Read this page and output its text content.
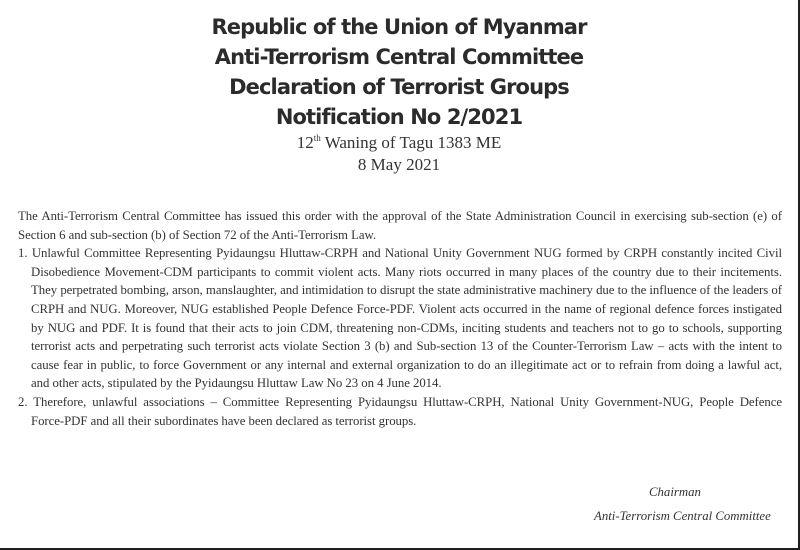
Republic of the Union of Myanmar
Anti-Terrorism Central Committee
Declaration of Terrorist Groups
Notification No 2/2021
12th Waning of Tagu 1383 ME
8 May 2021

The Anti-Terrorism Central Committee has issued this order with the approval of the State Administration Council in exercising sub-section (e) of Section 6 and sub-section (b) of Section 72 of the Anti-Terrorism Law.

1. Unlawful Committee Representing Pyidaungsu Hluttaw-CRPH and National Unity Government NUG formed by CRPH constantly incited Civil Disobedience Movement-CDM participants to commit violent acts. Many riots occurred in many places of the country due to their incitements. They perpetrated bombing, arson, manslaughter, and intimidation to disrupt the state administrative machinery due to the influence of the leaders of CRPH and NUG. Moreover, NUG established People Defence Force-PDF. Violent acts occurred in the name of regional defence forces instigated by NUG and PDF. It is found that their acts to join CDM, threatening non-CDMs, inciting students and teachers not to go to schools, supporting terrorist acts and perpetrating such terrorist acts violate Section 3 (b) and Sub-section 13 of the Counter-Terrorism Law – acts with the intent to cause fear in public, to force Government or any internal and external organization to do an illegitimate act or to refrain from doing a lawful act, and other acts, stipulated by the Pyidaungsu Hluttaw Law No 23 on 4 June 2014.

2. Therefore, unlawful associations – Committee Representing Pyidaungsu Hluttaw-CRPH, National Unity Government-NUG, People Defence Force-PDF and all their subordinates have been declared as terrorist groups.

Chairman
Anti-Terrorism Central Committee
